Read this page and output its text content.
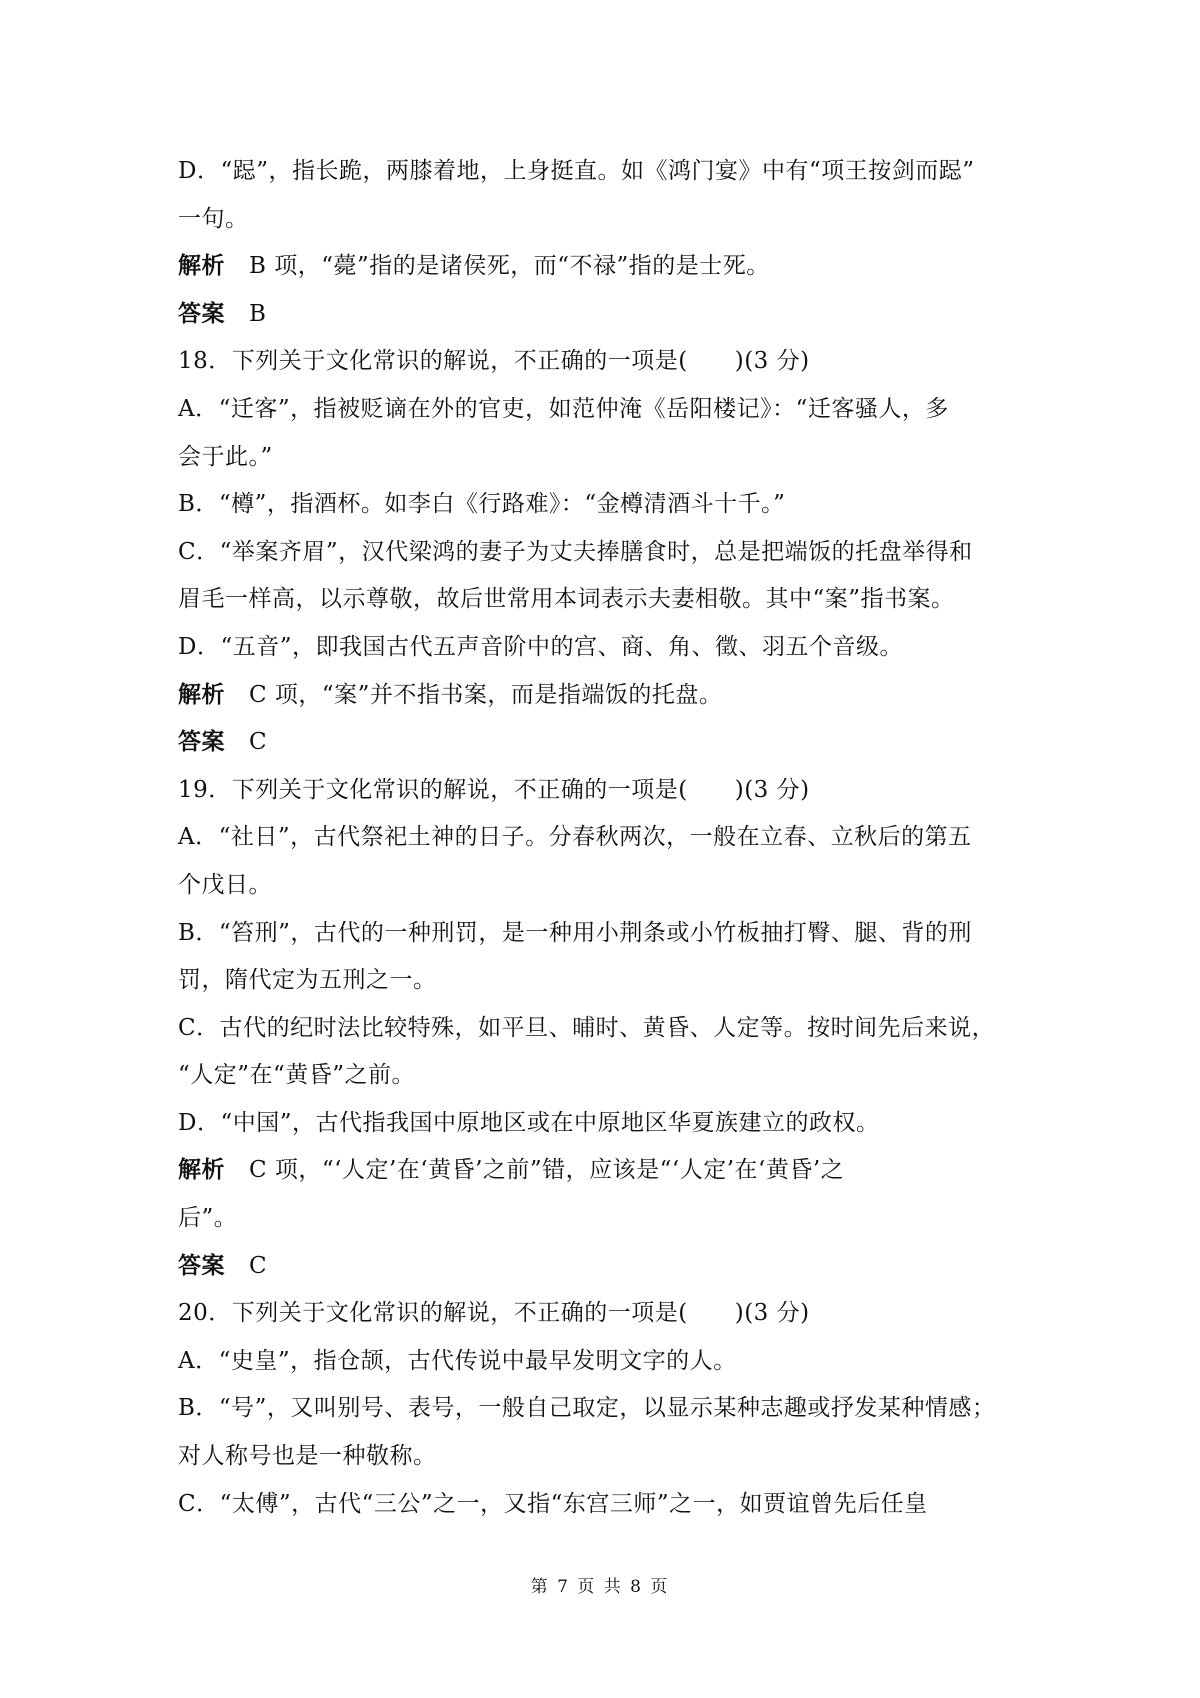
D．“跽”，指长跪，两膝着地，上身挺直。如《鸿门宴》中有“项王按剑而跽”
一句。
解析 B 项，“薨”指的是诸侯死，而“不禄”指的是士死。
答案 B
18．下列关于文化常识的解说，不正确的一项是(　　)(3 分)
A．“迁客”，指被贬谪在外的官吏，如范仲淹《岳阳楼记》：“迁客骚人，多
会于此。”
B．“樽”，指酒杯。如李白《行路难》：“金樽清酒斗十千。”
C．“举案齐眉”，汉代梁鸿的妻子为丈夫捧膳食时，总是把端饭的托盘举得和
眉毛一样高，以示尊敬，故后世常用本词表示夫妻相敬。其中“案”指书案。
D．“五音”，即我国古代五声音阶中的宫、商、角、徵、羽五个音级。
解析 C 项，“案”并不指书案，而是指端饭的托盘。
答案 C
19．下列关于文化常识的解说，不正确的一项是(　　)(3 分)
A．“社日”，古代祭祀土神的日子。分春秋两次，一般在立春、立秋后的第五
个戊日。
B．“笞刑”，古代的一种刑罚，是一种用小荆条或小竹板抽打臀、腿、背的刑
罚，隋代定为五刑之一。
C．古代的纪时法比较特殊，如平旦、晡时、黄昏、人定等。按时间先后来说，
“人定”在“黄昏”之前。
D．“中国”，古代指我国中原地区或在中原地区华夏族建立的政权。
解析 C 项，“‘人定’在‘黄昏’之前”错，应该是“‘人定’在‘黄昏’之
后”。
答案 C
20．下列关于文化常识的解说，不正确的一项是(　　)(3 分)
A．“史皇”，指仓颉，古代传说中最早发明文字的人。
B．“号”，又叫别号、表号，一般自己取定，以显示某种志趣或抒发某种情感；
对人称号也是一种敬称。
C．“太傅”，古代“三公”之一，又指“东宫三师”之一，如贾谊曾先后任皇
第 7 页 共 8 页
